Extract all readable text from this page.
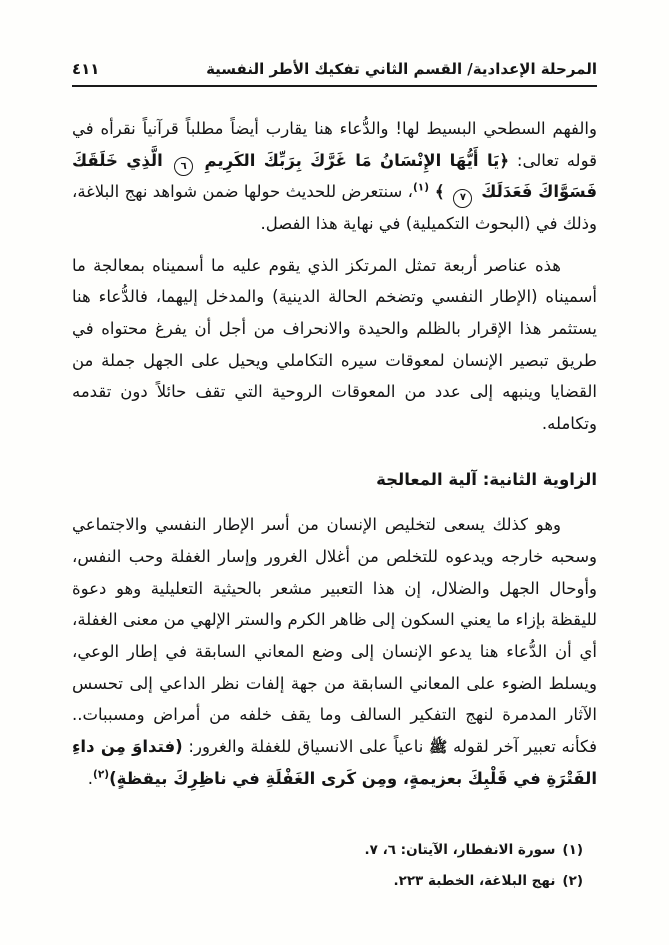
المرحلة الإعدادية/ القسم الثاني تفكيك الأطر النفسية
٤١١

والفهم السطحي البسيط لها! والدُّعاء هنا يقارب أيضاً مطلباً قرآنياً نقرأه في قوله تعالى: ﴿يَا أَيُّهَا الإِنْسَانُ مَا غَرَّكَ بِرَبِّكَ الكَرِيمِ ٦ الَّذِي خَلَقَكَ فَسَوَّاكَ فَعَدَلَكَ ٧ ﴾ $^{(١)}$، سنتعرض للحديث حولها ضمن شواهد نهج البلاغة، وذلك في (البحوث التكميلية) في نهاية هذا الفصل.

هذه عناصر أربعة تمثل المرتكز الذي يقوم عليه ما أسميناه بمعالجة ما أسميناه (الإطار النفسي وتضخم الحالة الدينية) والمدخل إليهما، فالدُّعاء هنا يستثمر هذا الإقرار بالظلم والحيدة والانحراف من أجل أن يفرغ محتواه في طريق تبصير الإنسان لمعوقات سيره التكاملي ويحيل على الجهل جملة من القضايا وينبهه إلى عدد من المعوقات الروحية التي تقف حائلاً دون تقدمه وتكامله.

الزاوية الثانية: آلية المعالجة

وهو كذلك يسعى لتخليص الإنسان من أسر الإطار النفسي والاجتماعي وسحبه خارجه ويدعوه للتخلص من أغلال الغرور وإسار الغفلة وحب النفس، وأوحال الجهل والضلال، إن هذا التعبير مشعر بالحيثية التعليلية وهو دعوة لليقظة بإزاء ما يعني السكون إلى ظاهر الكرم والستر الإلهي من معنى الغفلة، أي أن الدُّعاء هنا يدعو الإنسان إلى وضع المعاني السابقة في إطار الوعي، ويسلط الضوء على المعاني السابقة من جهة إلفات نظر الداعي إلى تحسس الآثار المدمرة لنهج التفكير السالف وما يقف خلفه من أمراض ومسببات.. فكأنه تعبير آخر لقوله ﷺ ناعياً على الانسياق للغفلة والغرور: (فتداوَ مِن داءِ الفَتْرَةِ في قَلْبِكَ بعزيمةٍ، ومِن كَرى الغَفْلَةِ في ناظِرِكَ بيقظةٍ)$^{(٢)}$.

(١)سورة الانفطار، الآيتان: ٦، ٧.
(٢)نهج البلاغة، الخطبة ٢٢٣.
